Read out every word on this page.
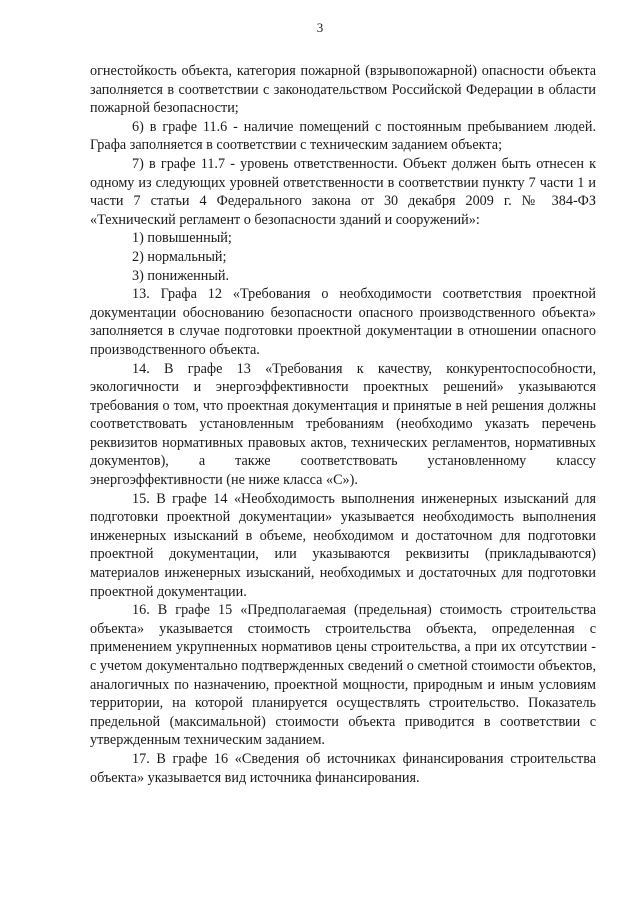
3

огнестойкость объекта, категория пожарной (взрывопожарной) опасности объекта заполняется в соответствии с законодательством Российской Федерации в области пожарной безопасности;

6) в графе 11.6 - наличие помещений с постоянным пребыванием людей. Графа заполняется в соответствии с техническим заданием объекта;

7) в графе 11.7 - уровень ответственности. Объект должен быть отнесен к одному из следующих уровней ответственности в соответствии пункту 7 части 1 и части 7 статьи 4 Федерального закона от 30 декабря 2009 г. № 384-ФЗ «Технический регламент о безопасности зданий и сооружений»:

1) повышенный;

2) нормальный;

3) пониженный.

13. Графа 12 «Требования о необходимости соответствия проектной документации обоснованию безопасности опасного производственного объекта» заполняется в случае подготовки проектной документации в отношении опасного производственного объекта.

14. В графе 13 «Требования к качеству, конкурентоспособности, экологичности и энергоэффективности проектных решений» указываются требования о том, что проектная документация и принятые в ней решения должны соответствовать установленным требованиям (необходимо указать перечень реквизитов нормативных правовых актов, технических регламентов, нормативных документов), а также соответствовать установленному классу энергоэффективности (не ниже класса «С»).

15. В графе 14 «Необходимость выполнения инженерных изысканий для подготовки проектной документации» указывается необходимость выполнения инженерных изысканий в объеме, необходимом и достаточном для подготовки проектной документации, или указываются реквизиты (прикладываются) материалов инженерных изысканий, необходимых и достаточных для подготовки проектной документации.

16. В графе 15 «Предполагаемая (предельная) стоимость строительства объекта» указывается стоимость строительства объекта, определенная с применением укрупненных нормативов цены строительства, а при их отсутствии - с учетом документально подтвержденных сведений о сметной стоимости объектов, аналогичных по назначению, проектной мощности, природным и иным условиям территории, на которой планируется осуществлять строительство. Показатель предельной (максимальной) стоимости объекта приводится в соответствии с утвержденным техническим заданием.

17. В графе 16 «Сведения об источниках финансирования строительства объекта» указывается вид источника финансирования.
